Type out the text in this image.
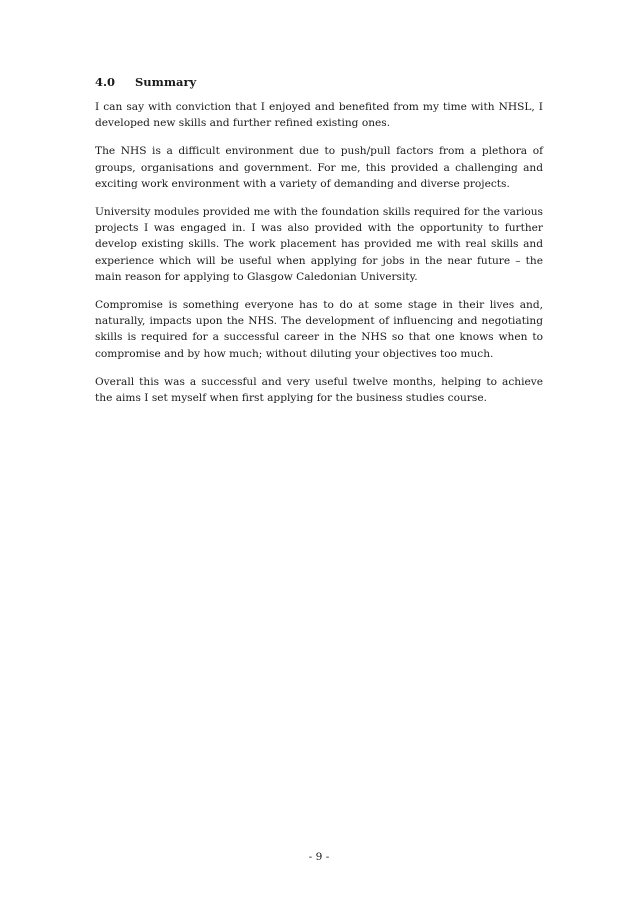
4.0	Summary

I can say with conviction that I enjoyed and benefited from my time with NHSL, I developed new skills and further refined existing ones.

The NHS is a difficult environment due to push/pull factors from a plethora of groups, organisations and government. For me, this provided a challenging and exciting work environment with a variety of demanding and diverse projects.

University modules provided me with the foundation skills required for the various projects I was engaged in. I was also provided with the opportunity to further develop existing skills. The work placement has provided me with real skills and experience which will be useful when applying for jobs in the near future – the main reason for applying to Glasgow Caledonian University.

Compromise is something everyone has to do at some stage in their lives and, naturally, impacts upon the NHS. The development of influencing and negotiating skills is required for a successful career in the NHS so that one knows when to compromise and by how much; without diluting your objectives too much.

Overall this was a successful and very useful twelve months, helping to achieve the aims I set myself when first applying for the business studies course.

- 9 -
